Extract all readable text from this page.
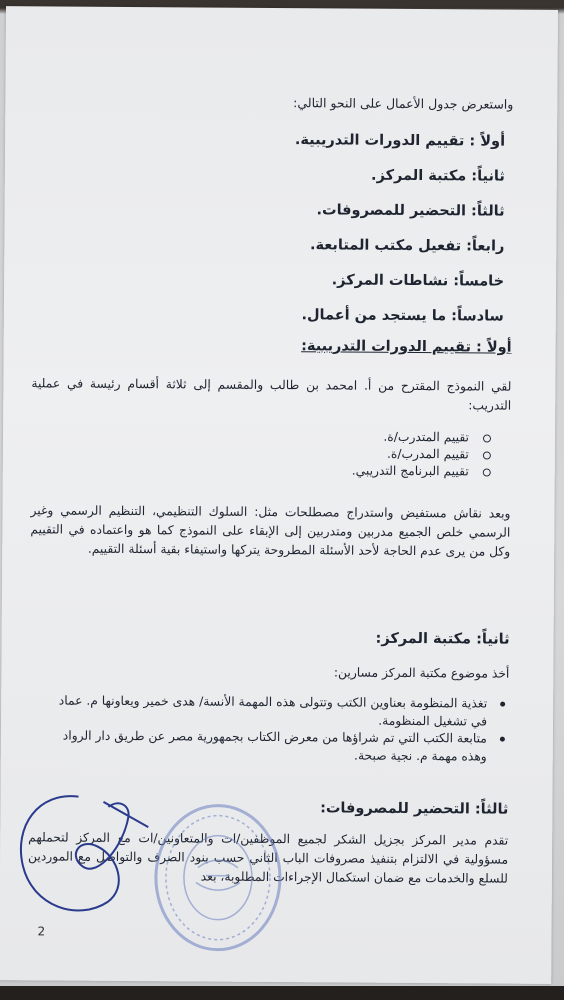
واستعرض جدول الأعمال على النحو التالي:
أولاً : تقييم الدورات التدريبية.
ثانياً: مكتبة المركز.
ثالثاً: التحضير للمصروفات.
رابعاً: تفعيل مكتب المتابعة.
خامساً: نشاطات المركز.
سادساً: ما يستجد من أعمال.
أولاً : تقييم الدورات التدريبية:
لقي النموذج المقترح من أ. امحمد بن طالب والمقسم إلى ثلاثة أقسام رئيسة في عملية التدريب:
تقييم المتدرب/ة.
تقييم المدرب/ة.
تقييم البرنامج التدريبي.
وبعد نقاش مستفيض واستدراج مصطلحات مثل: السلوك التنظيمي، التنظيم الرسمي وغير الرسمي خلص الجميع مدربين ومتدربين إلى الإبقاء على النموذج كما هو واعتماده في التقييم وكل من يرى عدم الحاجة لأحد الأسئلة المطروحة يتركها واستيفاء بقية أسئلة التقييم.
ثانياً: مكتبة المركز:
أخذ موضوع مكتبة المركز مسارين:
تغذية المنظومة بعناوين الكتب وتتولى هذه المهمة الأنسة/ هدى خمير ويعاونها م. عماد في تشغيل المنظومة.
متابعة الكتب التي تم شراؤها من معرض الكتاب بجمهورية مصر عن طريق دار الرواد وهذه مهمة م. نجية صبحة.
ثالثاً: التحضير للمصروفات:
تقدم مدير المركز بجزيل الشكر لجميع الموظفين/ات والمتعاونين/ات مع المركز لتحملهم مسؤولية في الالتزام بتنفيذ مصروفات الباب الثاني حسب بنود الصرف والتواصل مع الموردين للسلع والخدمات مع ضمان استكمال الإجراءات المطلوبة، بعد
2
